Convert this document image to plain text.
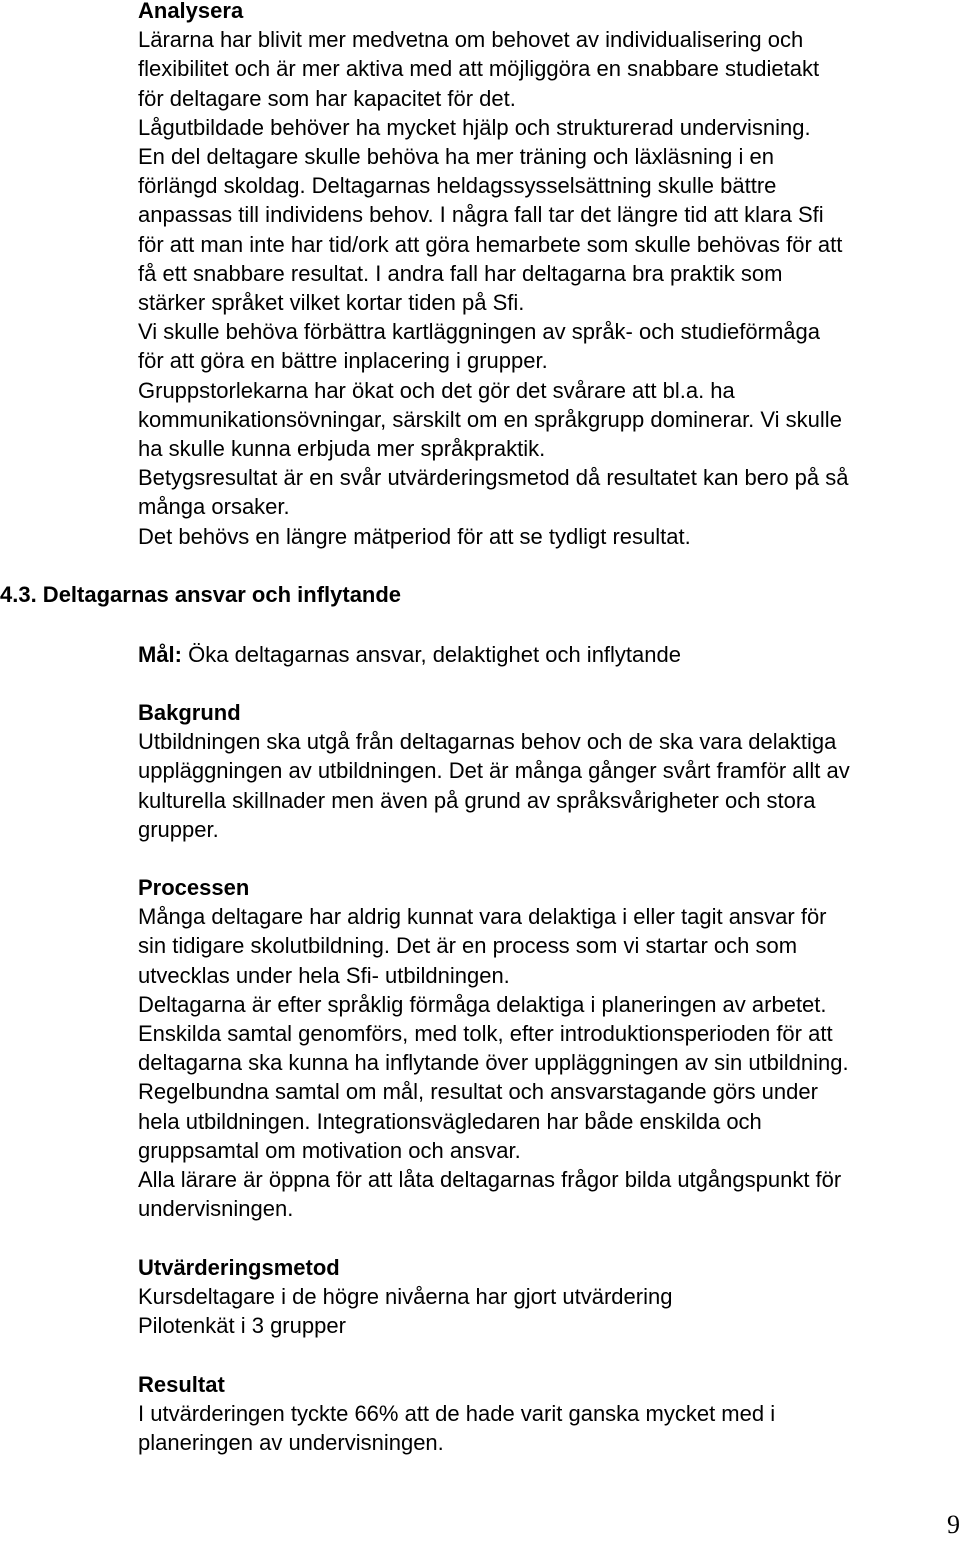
Analysera

Lärarna har blivit mer medvetna om behovet av individualisering och
flexibilitet och är mer aktiva med att möjliggöra en snabbare studietakt
för deltagare som har kapacitet för det.

Lågutbildade behöver ha mycket hjälp och strukturerad undervisning.
En del deltagare skulle behöva ha mer träning och läxläsning i en
förlängd skoldag. Deltagarnas heldagssysselsättning skulle bättre
anpassas till individens behov. I några fall tar det längre tid att klara Sfi
för att man inte har tid/ork att göra hemarbete som skulle behövas för att
få ett snabbare resultat. I andra fall har deltagarna bra praktik som
stärker språket vilket kortar tiden på Sfi.

Vi skulle behöva förbättra kartläggningen av språk- och studieförmåga
för att göra en bättre inplacering i grupper.

Gruppstorlekarna har ökat och det gör det svårare att bl.a. ha
kommunikationsövningar, särskilt om en språkgrupp dominerar. Vi skulle
ha skulle kunna erbjuda mer språkpraktik.

Betygsresultat är en svår utvärderingsmetod då resultatet kan bero på så
många orsaker.

Det behövs en längre mätperiod för att se tydligt resultat.

4.3. Deltagarnas ansvar och inflytande

Mål: Öka deltagarnas ansvar, delaktighet och inflytande

Bakgrund

Utbildningen ska utgå från deltagarnas behov och de ska vara delaktiga
uppläggningen av utbildningen. Det är många gånger svårt framför allt av
kulturella skillnader men även på grund av språksvårigheter och stora
grupper.

Processen

Många deltagare har aldrig kunnat vara delaktiga i eller tagit ansvar för
sin tidigare skolutbildning. Det är en process som vi startar och som
utvecklas under hela Sfi- utbildningen.

Deltagarna är efter språklig förmåga delaktiga i planeringen av arbetet.

Enskilda samtal genomförs, med tolk, efter introduktionsperioden för att
deltagarna ska kunna ha inflytande över uppläggningen av sin utbildning.

Regelbundna samtal om mål, resultat och ansvarstagande görs under
hela utbildningen. Integrationsvägledaren har både enskilda och
gruppsamtal om motivation och ansvar.

Alla lärare är öppna för att låta deltagarnas frågor bilda utgångspunkt för
undervisningen.

Utvärderingsmetod

Kursdeltagare i de högre nivåerna har gjort utvärdering

Pilotenkät i 3 grupper

Resultat

I utvärderingen tyckte 66% att de hade varit ganska mycket med i
planeringen av undervisningen.

9
